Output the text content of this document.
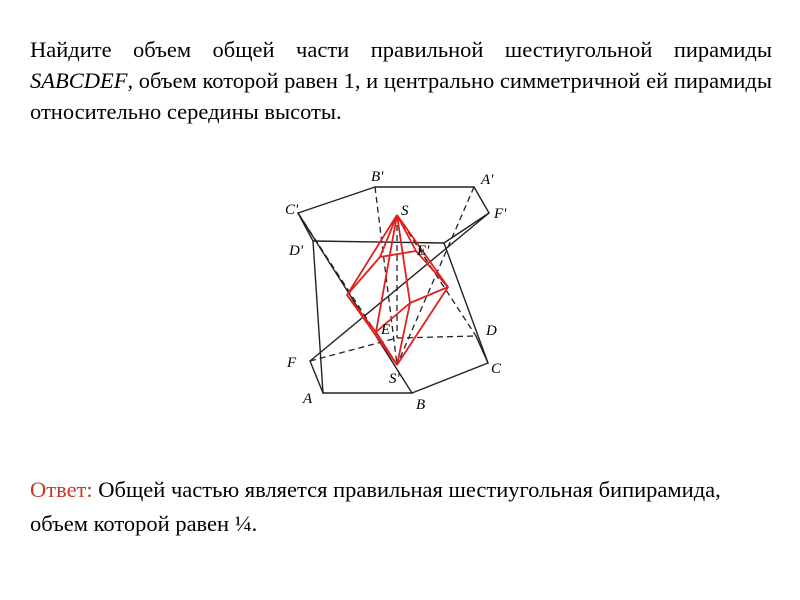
Найдите объем общей части правильной шестиугольной пирамиды SABCDEF, объем которой равен 1, и центрально симметричной ей пирамиды относительно середины высоты.
B'	A'
C'	F'
D'	E'
S
E	D
F	C
S'
A	B
Ответ: Общей частью является правильная шестиугольная бипирамида, объем которой равен ¼.
